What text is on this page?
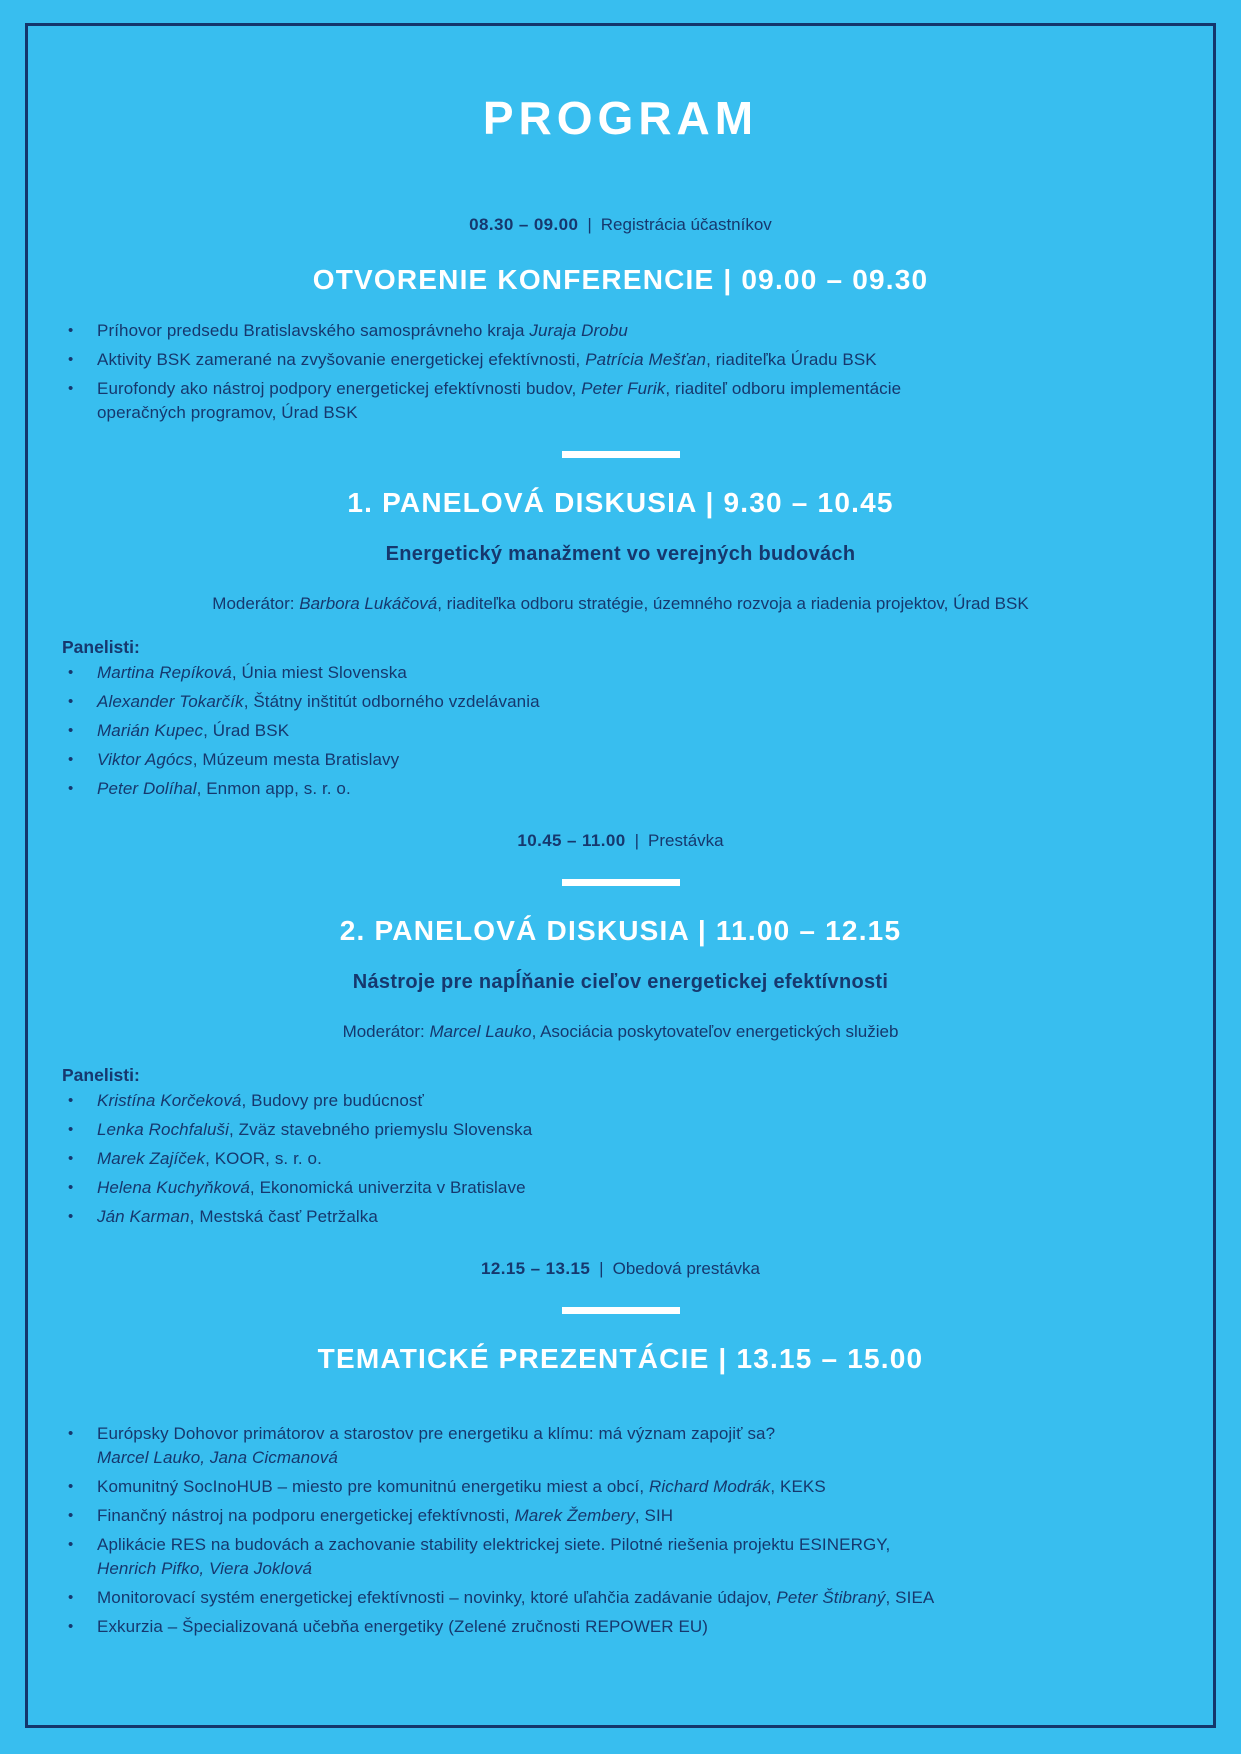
PROGRAM

08.30 – 09.00 | Registrácia účastníkov

OTVORENIE KONFERENCIE | 09.00 – 09.30
• Príhovor predsedu Bratislavského samosprávneho kraja Juraja Drobu
• Aktivity BSK zamerané na zvyšovanie energetickej efektívnosti, Patrícia Mešťan, riaditeľka Úradu BSK
• Eurofondy ako nástroj podpory energetickej efektívnosti budov, Peter Furik, riaditeľ odboru implementácie
operačných programov, Úrad BSK
1. PANELOVÁ DISKUSIA | 9.30 – 10.45
Energetický manažment vo verejných budovách

Moderátor: Barbora Lukáčová, riaditeľka odboru stratégie, územného rozvoja a riadenia projektov, Úrad BSK

Panelisti:

• Martina Repíková, Únia miest Slovenska
• Alexander Tokarčík, Štátny inštitút odborného vzdelávania
• Marián Kupec, Úrad BSK
• Viktor Agócs, Múzeum mesta Bratislavy
• Peter Dolíhal, Enmon app, s. r. o.

10.45 – 11.00 | Prestávka

2. PANELOVÁ DISKUSIA | 11.00 – 12.15
Nástroje pre napĺňanie cieľov energetickej efektívnosti

Moderátor: Marcel Lauko, Asociácia poskytovateľov energetických služieb

Panelisti:

• Kristína Korčeková, Budovy pre budúcnosť
• Lenka Rochfaluši, Zväz stavebného priemyslu Slovenska
• Marek Zajíček, KOOR, s. r. o.
• Helena Kuchyňková, Ekonomická univerzita v Bratislave
• Ján Karman, Mestská časť Petržalka

12.15 – 13.15 | Obedová prestávka

TEMATICKÉ PREZENTÁCIE | 13.15 – 15.00
• Európsky Dohovor primátorov a starostov pre energetiku a klímu: má význam zapojiť sa?
Marcel Lauko, Jana Cicmanová
• Komunitný SocInoHUB – miesto pre komunitnú energetiku miest a obcí, Richard Modrák, KEKS
• Finančný nástroj na podporu energetickej efektívnosti, Marek Žembery, SIH
• Aplikácie RES na budovách a zachovanie stability elektrickej siete. Pilotné riešenia projektu ESINERGY,
Henrich Pifko, Viera Joklová
• Monitorovací systém energetickej efektívnosti – novinky, ktoré uľahčia zadávanie údajov, Peter Štibraný, SIEA
• Exkurzia – Špecializovaná učebňa energetiky (Zelené zručnosti REPOWER EU)
